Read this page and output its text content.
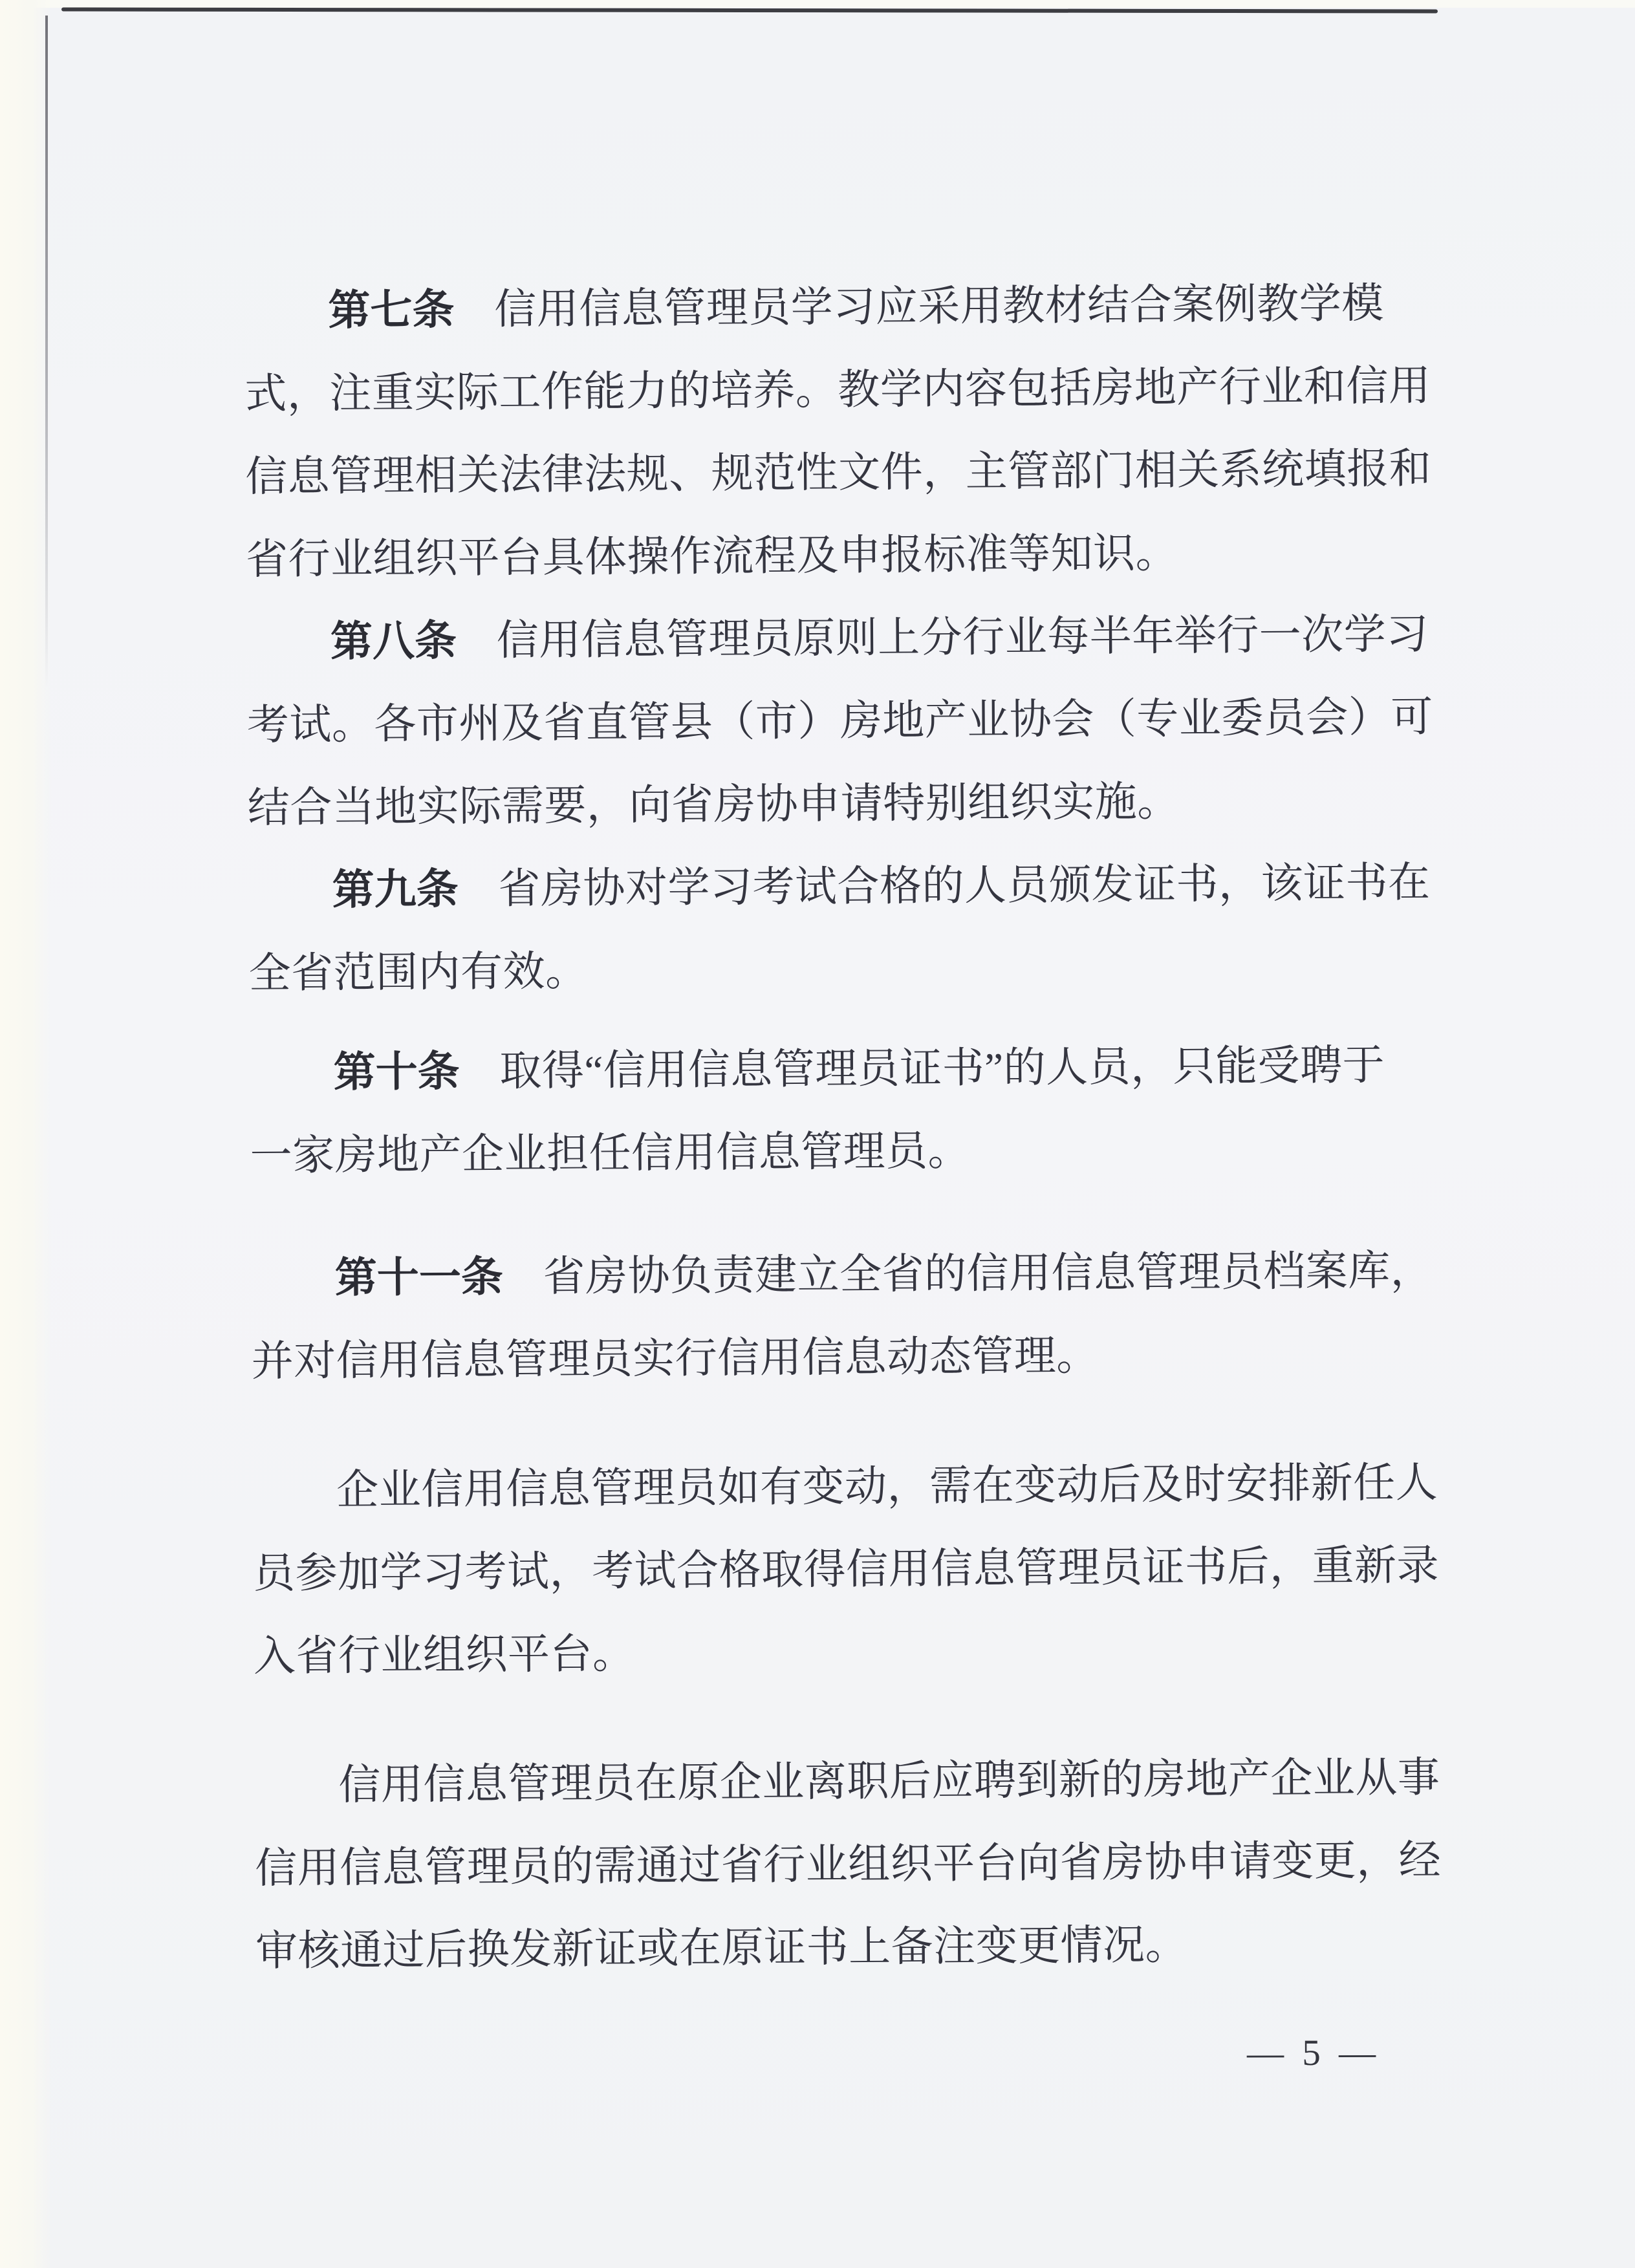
第七条 信用信息管理员学习应采用教材结合案例教学模
式，注重实际工作能力的培养。教学内容包括房地产行业和信用
信息管理相关法律法规、规范性文件，主管部门相关系统填报和
省行业组织平台具体操作流程及申报标准等知识。
第八条 信用信息管理员原则上分行业每半年举行一次学习
考试。各市州及省直管县（市）房地产业协会（专业委员会）可
结合当地实际需要，向省房协申请特别组织实施。
第九条 省房协对学习考试合格的人员颁发证书，该证书在
全省范围内有效。
第十条 取得“信用信息管理员证书”的人员，只能受聘于
一家房地产企业担任信用信息管理员。
第十一条 省房协负责建立全省的信用信息管理员档案库，
并对信用信息管理员实行信用信息动态管理。
企业信用信息管理员如有变动，需在变动后及时安排新任人
员参加学习考试，考试合格取得信用信息管理员证书后，重新录
入省行业组织平台。
信用信息管理员在原企业离职后应聘到新的房地产企业从事
信用信息管理员的需通过省行业组织平台向省房协申请变更，经
审核通过后换发新证或在原证书上备注变更情况。
— 5 —
